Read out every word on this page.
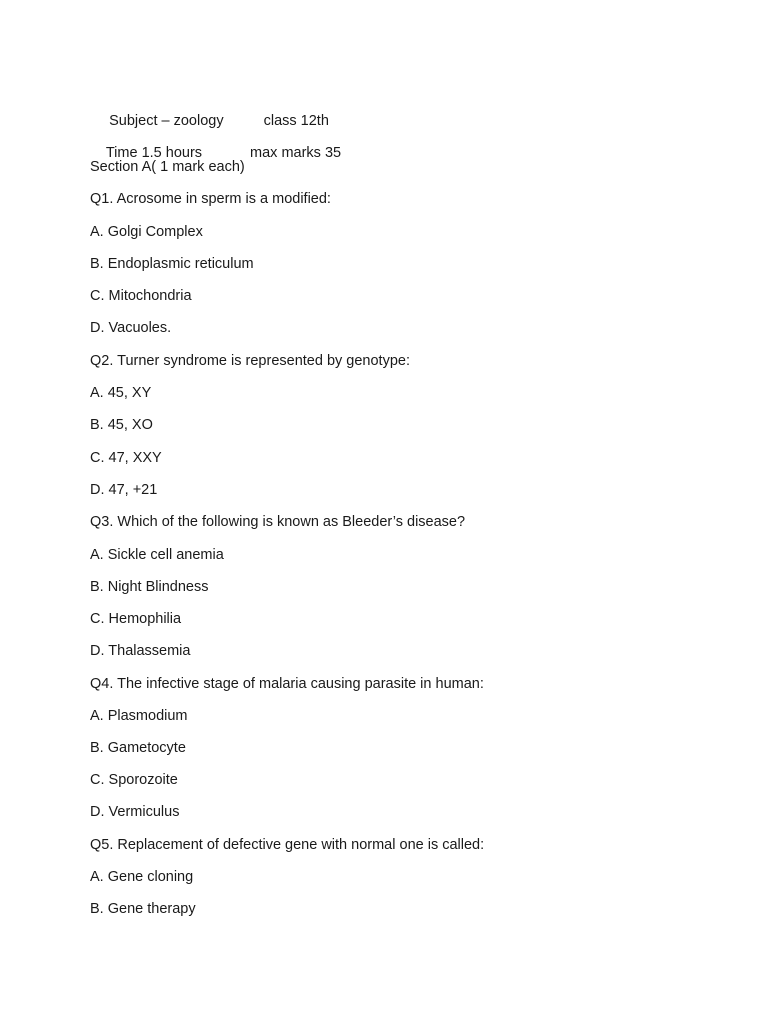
Subject – zoology	class 12th

Time 1.5 hours	max marks 35

Section A( 1 mark each)
Q1. Acrosome in sperm is a modified:
A. Golgi Complex
B. Endoplasmic reticulum
C. Mitochondria
D. Vacuoles.
Q2. Turner syndrome is represented by genotype:
A. 45, XY
B. 45, XO
C. 47, XXY
D. 47, +21
Q3. Which of the following is known as Bleeder’s disease?
A. Sickle cell anemia
B. Night Blindness
C. Hemophilia
D. Thalassemia
Q4. The infective stage of malaria causing parasite in human:
A. Plasmodium
B. Gametocyte
C. Sporozoite
D. Vermiculus
Q5. Replacement of defective gene with normal one is called:
A. Gene cloning
B. Gene therapy
